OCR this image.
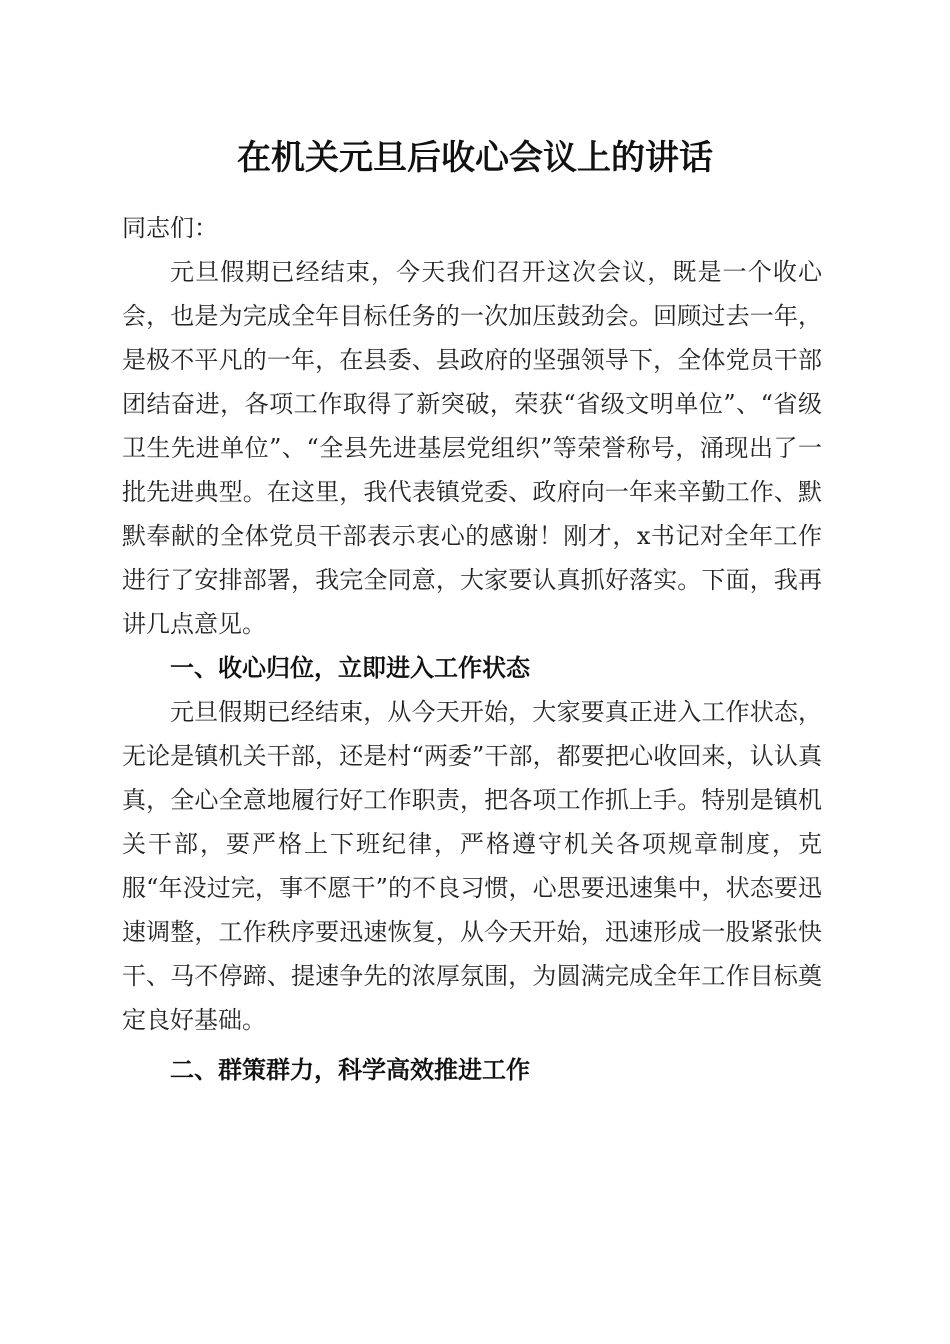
在机关元旦后收心会议上的讲话

同志们：

元旦假期已经结束，今天我们召开这次会议，既是一个收心会，也是为完成全年目标任务的一次加压鼓劲会。回顾过去一年，是极不平凡的一年，在县委、县政府的坚强领导下，全体党员干部团结奋进，各项工作取得了新突破，荣获“省级文明单位”、“省级卫生先进单位”、“全县先进基层党组织”等荣誉称号，涌现出了一批先进典型。在这里，我代表镇党委、政府向一年来辛勤工作、默默奉献的全体党员干部表示衷心的感谢！刚才，x书记对全年工作进行了安排部署，我完全同意，大家要认真抓好落实。下面，我再讲几点意见。

一、收心归位，立即进入工作状态

元旦假期已经结束，从今天开始，大家要真正进入工作状态，无论是镇机关干部，还是村“两委”干部，都要把心收回来，认认真真，全心全意地履行好工作职责，把各项工作抓上手。特别是镇机关干部，要严格上下班纪律，严格遵守机关各项规章制度，克服“年没过完，事不愿干”的不良习惯，心思要迅速集中，状态要迅速调整，工作秩序要迅速恢复，从今天开始，迅速形成一股紧张快干、马不停蹄、提速争先的浓厚氛围，为圆满完成全年工作目标奠定良好基础。

二、群策群力，科学高效推进工作
